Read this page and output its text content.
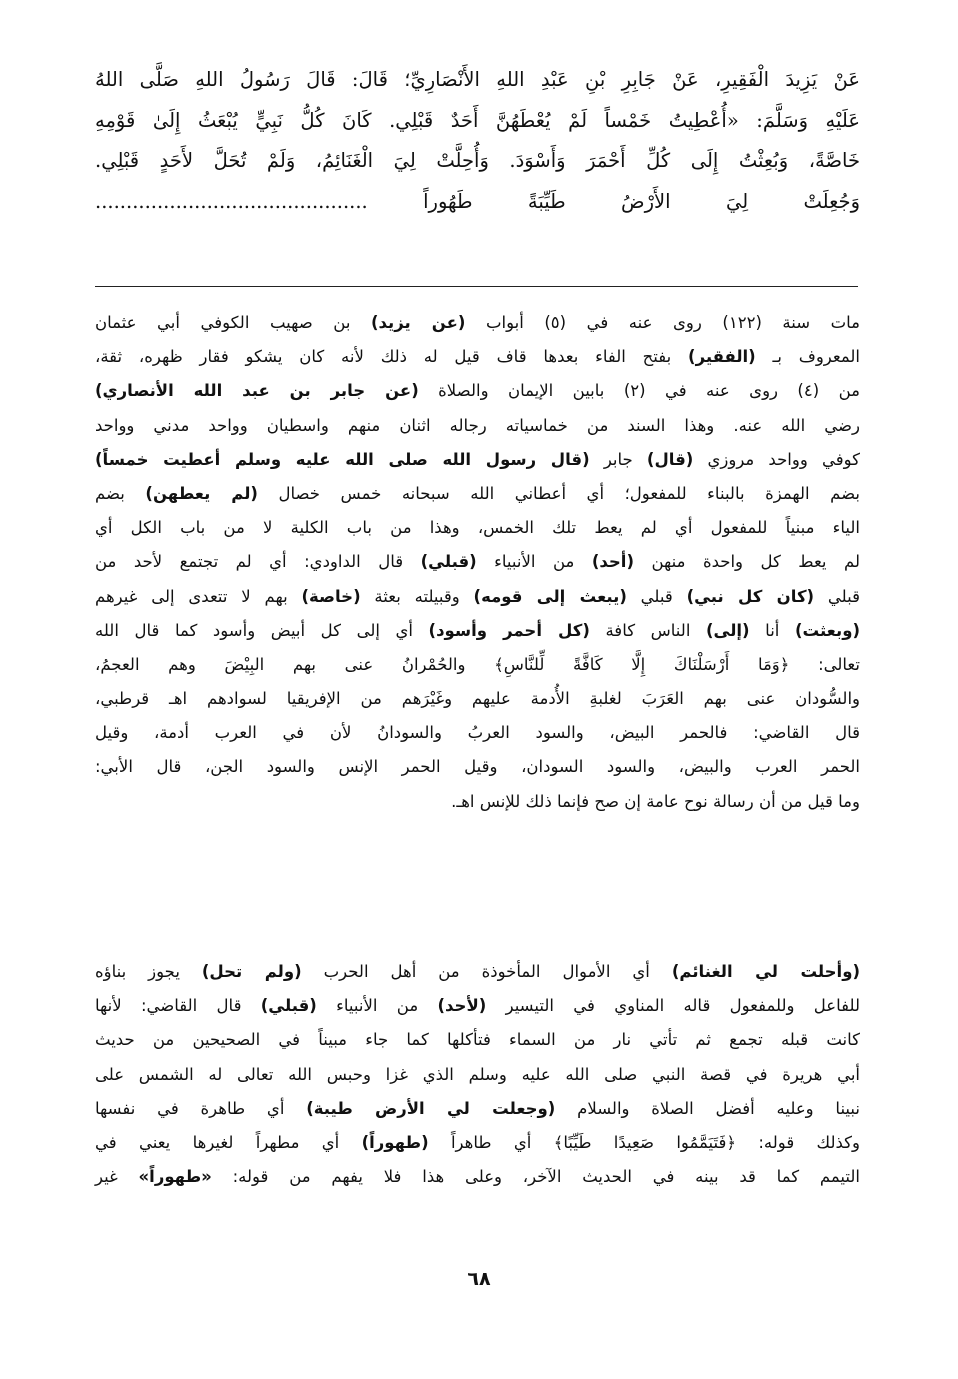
عَنْ يَزِيدَ الْفَقِيرِ، عَنْ جَابِرِ بْنِ عَبْدِ اللهِ الأَنْصَارِيِّ؛ قَالَ: قَالَ رَسُولُ اللهِ صَلَّى اللهُ
عَلَيْهِ وَسَلَّمَ: «أُعْطِيتُ خَمْساً لَمْ يُعْطَهُنَّ أَحَدٌ قَبْلِي. كَانَ كُلُّ نَبِيٍّ يُبْعَثُ إِلَىٰ قَوْمِهِ
خَاصَّةً، وَبُعِثْتُ إِلَى كُلِّ أَحْمَرَ وَأَسْوَدَ. وَأُحِلَّتْ لِيَ الْغَنَائِمُ، وَلَمْ تُحَلَّ لأَحَدٍ قَبْلِي.
وَجُعِلَتْ لِيَ الأَرْضُ طَيِّبَةً طَهُوراً ............................................
مات سنة (١٢٢) روى عنه في (٥) أبواب (عن يزيد) بن صهيب الكوفي أبي عثمان
المعروف بـ (الفقير) بفتح الفاء بعدها قاف قيل له ذلك لأنه كان يشكو فقار ظهره، ثقة،
من (٤) روى عنه في (٢) بابين الإيمان والصلاة (عن جابر بن عبد الله الأنصاري)
رضي الله عنه. وهذا السند من خماسياته رجاله اثنان منهم واسطيان وواحد مدني وواحد
كوفي وواحد مروزي (قال) جابر (قال رسول الله صلى الله عليه وسلم أعطيت خمساً)
بضم الهمزة بالبناء للمفعول؛ أي أعطاني الله سبحانه خمس خصال (لم يعطهن) بضم
الياء مبنياً للمفعول أي لم يعط تلك الخمس، وهذا من باب الكلية لا من باب الكل أي
لم يعط كل واحدة منهن (أحد) من الأنبياء (قبلي) قال الداودي: أي لم تجتمع لأحد من
قبلي (كان كل نبي) قبلي (يبعث إلى قومه) وقبيلته بعثة (خاصة) بهم لا تتعدى إلى غيرهم
(وبعثت) أنا (إلى) الناس كافة (كل أحمر وأسود) أي إلى كل أبيض وأسود كما قال الله
تعالى: ﴿وَمَا أَرْسَلْنَاكَ إِلَّا كَافَّةً لِّلنَّاسِ﴾ والحُمْرانُ عنى بهم البِيْضَ وهم العجمُ،
والسُّودان عنى بهم العَرَبَ لغلبةِ الأُدمة عليهم وغَيْرَهم من الإفريقيا لسوادهم اهـ قرطبي،
قال القاضي: فالحمر البيض، والسود العربُ والسودانُ لأن في العرب أدمة، وقيل
الحمر العرب والبيض، والسود السودان، وقيل الحمر الإنس والسود الجن، قال الأبي:
وما قيل من أن رسالة نوح عامة إن صح فإنما ذلك للإنس اهـ.
(وأحلت لي الغنائم) أي الأموال المأخوذة من أهل الحرب (ولم تحل) يجوز بناؤه
للفاعل وللمفعول قاله المناوي في التيسير (لأحد) من الأنبياء (قبلي) قال القاضي: لأنها
كانت قبله تجمع ثم تأتي نار من السماء فتأكلها كما جاء مبيناً في الصحيحين من حديث
أبي هريرة في قصة النبي صلى الله عليه وسلم الذي غزا وحبس الله تعالى له الشمس على
نبينا وعليه أفضل الصلاة والسلام (وجعلت لي الأرض طيبة) أي طاهرة في نفسها
وكذلك قوله: ﴿فَتَيَمَّمُوا صَعِيدًا طَيِّبًا﴾ أي طاهراً (طهوراً) أي مطهراً لغيرها يعني في
التيمم كما قد بينه في الحديث الآخر، وعلى هذا فلا يفهم من قوله: «طهوراً» غير
٦٨
